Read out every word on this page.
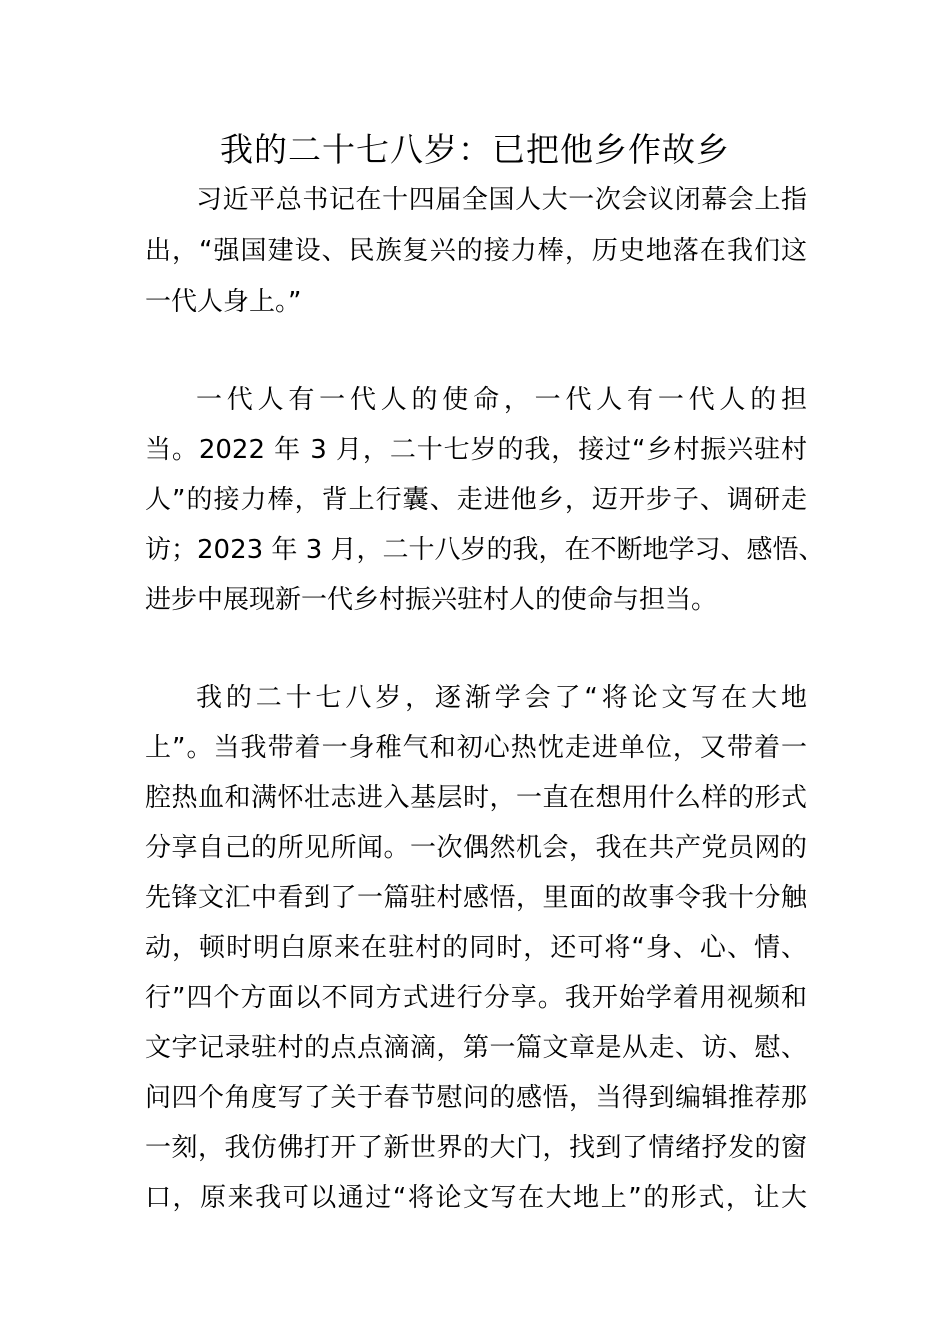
我的二十七八岁：已把他乡作故乡
习近平总书记在十四届全国人大一次会议闭幕会上指
出，“强国建设、民族复兴的接力棒，历史地落在我们这
一代人身上。”
一代人有一代人的使命，一代人有一代人的担
当。2022 年 3 月，二十七岁的我，接过“乡村振兴驻村
人”的接力棒，背上行囊、走进他乡，迈开步子、调研走
访；2023 年 3 月，二十八岁的我，在不断地学习、感悟、
进步中展现新一代乡村振兴驻村人的使命与担当。
我的二十七八岁，逐渐学会了“将论文写在大地
上”。当我带着一身稚气和初心热忱走进单位，又带着一
腔热血和满怀壮志进入基层时，一直在想用什么样的形式
分享自己的所见所闻。一次偶然机会，我在共产党员网的
先锋文汇中看到了一篇驻村感悟，里面的故事令我十分触
动，顿时明白原来在驻村的同时，还可将“身、心、情、
行”四个方面以不同方式进行分享。我开始学着用视频和
文字记录驻村的点点滴滴，第一篇文章是从走、访、慰、
问四个角度写了关于春节慰问的感悟，当得到编辑推荐那
一刻，我仿佛打开了新世界的大门，找到了情绪抒发的窗
口，原来我可以通过“将论文写在大地上”的形式，让大
